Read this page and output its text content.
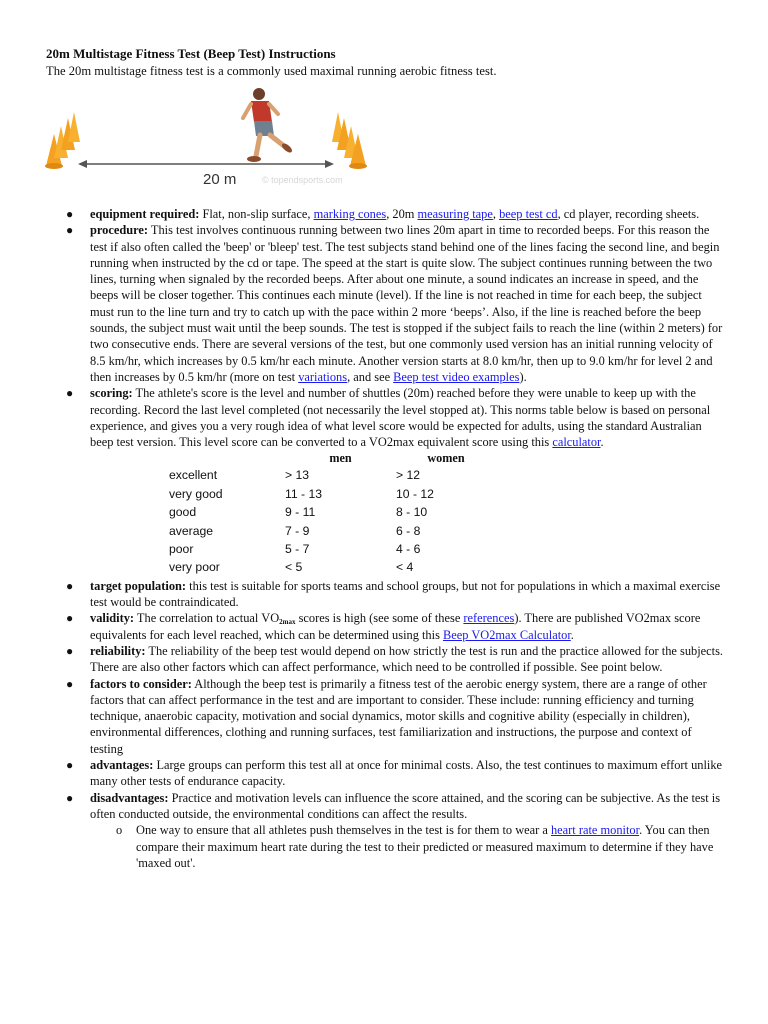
20m Multistage Fitness Test (Beep Test) Instructions
The 20m multistage fitness test is a commonly used maximal running aerobic fitness test.
20 m	© topendsports.com

● equipment required: Flat, non-slip surface, marking cones, 20m measuring tape, beep test cd, cd player, recording sheets.

● procedure: This test involves continuous running between two lines 20m apart in time to recorded beeps. For this reason the test if also often called the 'beep' or 'bleep' test. The test subjects stand behind one of the lines facing the second line, and begin running when instructed by the cd or tape. The speed at the start is quite slow. The subject continues running between the two lines, turning when signaled by the recorded beeps. After about one minute, a sound indicates an increase in speed, and the beeps will be closer together. This continues each minute (level). If the line is not reached in time for each beep, the subject must run to the line turn and try to catch up with the pace within 2 more ‘beeps’. Also, if the line is reached before the beep sounds, the subject must wait until the beep sounds. The test is stopped if the subject fails to reach the line (within 2 meters) for two consecutive ends. There are several versions of the test, but one commonly used version has an initial running velocity of 8.5 km/hr, which increases by 0.5 km/hr each minute. Another version starts at 8.0 km/hr, then up to 9.0 km/hr for level 2 and then increases by 0.5 km/hr (more on test variations, and see Beep test video examples).

● scoring: The athlete's score is the level and number of shuttles (20m) reached before they were unable to keep up with the recording. Record the last level completed (not necessarily the level stopped at). This norms table below is based on personal experience, and gives you a very rough idea of what level score would be expected for adults, using the standard Australian beep test version. This level score can be converted to a VO2max equivalent score using this calculator.

	men	women
excellent	> 13	> 12
very good	11 - 13	10 - 12
good	9 - 11	8 - 10
average	7 - 9	6 - 8
poor	5 - 7	4 - 6
very poor	< 5	< 4

● target population: this test is suitable for sports teams and school groups, but not for populations in which a maximal exercise test would be contraindicated.

● validity: The correlation to actual $VO_{2max}$ scores is high (see some of these references). There are published VO2max score equivalents for each level reached, which can be determined using this Beep VO2max Calculator.

● reliability: The reliability of the beep test would depend on how strictly the test is run and the practice allowed for the subjects. There are also other factors which can affect performance, which need to be controlled if possible. See point below.

● factors to consider: Although the beep test is primarily a fitness test of the aerobic energy system, there are a range of other factors that can affect performance in the test and are important to consider. These include: running efficiency and turning technique, anaerobic capacity, motivation and social dynamics, motor skills and cognitive ability (especially in children), environmental differences, clothing and running surfaces, test familiarization and instructions, the purpose and context of testing

● advantages: Large groups can perform this test all at once for minimal costs. Also, the test continues to maximum effort unlike many other tests of endurance capacity.

● disadvantages: Practice and motivation levels can influence the score attained, and the scoring can be subjective. As the test is often conducted outside, the environmental conditions can affect the results.

o One way to ensure that all athletes push themselves in the test is for them to wear a heart rate monitor. You can then compare their maximum heart rate during the test to their predicted or measured maximum to determine if they have 'maxed out'.
